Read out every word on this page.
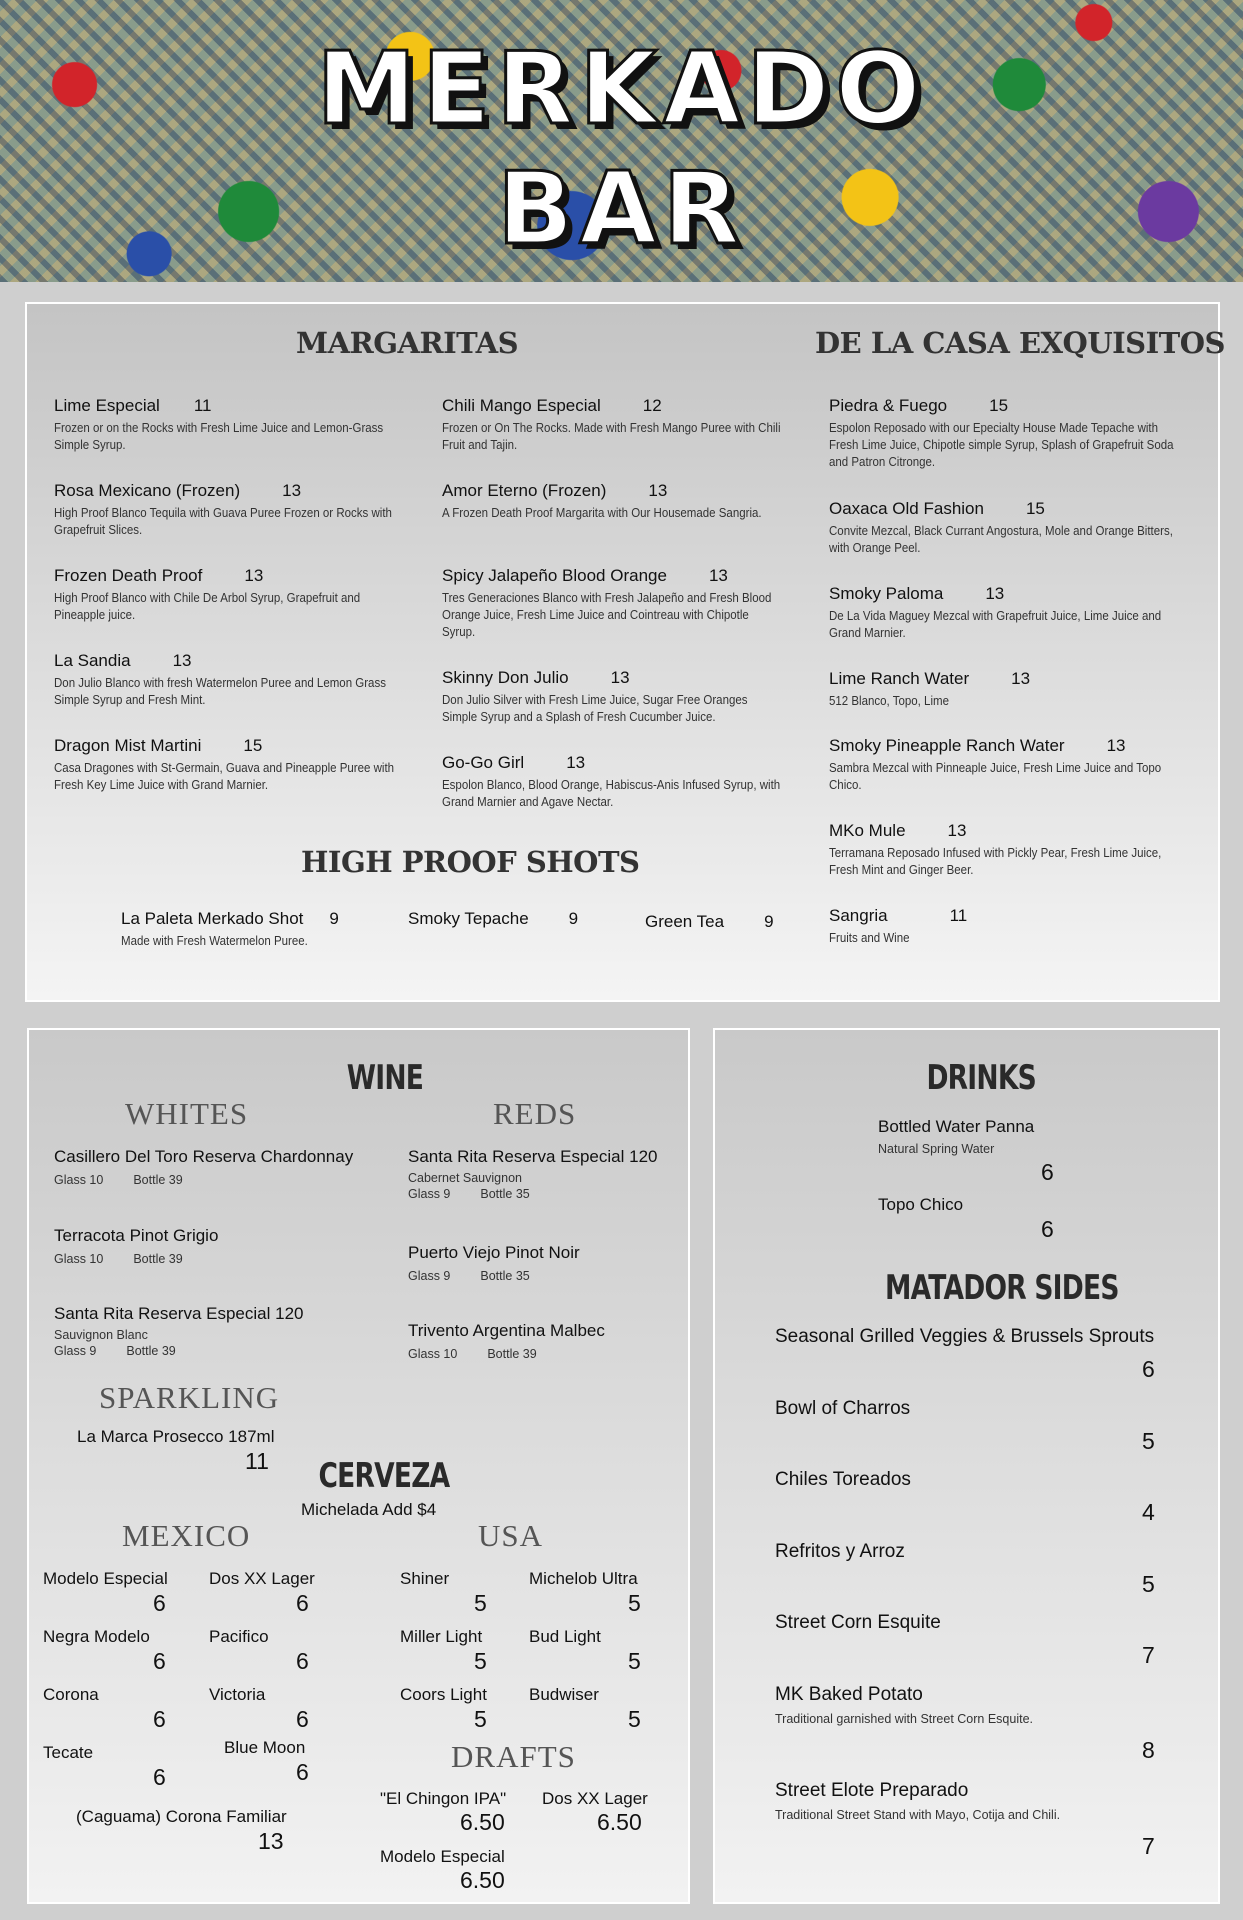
MERKADO
BAR
MARGARITAS	DE LA CASA EXQUISITOS
Lime Especial 11
Frozen or on the Rocks with Fresh Lime Juice and Lemon-Grass Simple Syrup.
Rosa Mexicano (Frozen) 13
High Proof Blanco Tequila with Guava Puree Frozen or Rocks with Grapefruit Slices.
Frozen Death Proof 13
High Proof Blanco with Chile De Arbol Syrup, Grapefruit and Pineapple juice.
La Sandia 13
Don Julio Blanco with fresh Watermelon Puree and Lemon Grass Simple Syrup and Fresh Mint.
Dragon Mist Martini 15
Casa Dragones with St-Germain, Guava and Pineapple Puree with Fresh Key Lime Juice with Grand Marnier.
Chili Mango Especial 12
Frozen or On The Rocks. Made with Fresh Mango Puree with Chili Fruit and Tajin.
Amor Eterno (Frozen) 13
A Frozen Death Proof Margarita with Our Housemade Sangria.
Spicy Jalapeño Blood Orange 13
Tres Generaciones Blanco with Fresh Jalapeño and Fresh Blood Orange Juice, Fresh Lime Juice and Cointreau with Chipotle Syrup.
Skinny Don Julio 13
Don Julio Silver with Fresh Lime Juice, Sugar Free Oranges Simple Syrup and a Splash of Fresh Cucumber Juice.
Go-Go Girl 13
Espolon Blanco, Blood Orange, Habiscus-Anis Infused Syrup, with Grand Marnier and Agave Nectar.
Piedra & Fuego 15
Espolon Reposado with our Epecialty House Made Tepache with Fresh Lime Juice, Chipotle simple Syrup, Splash of Grapefruit Soda and Patron Citronge.
Oaxaca Old Fashion 15
Convite Mezcal, Black Currant Angostura, Mole and Orange Bitters, with Orange Peel.
Smoky Paloma 13
De La Vida Maguey Mezcal with Grapefruit Juice, Lime Juice and Grand Marnier.
Lime Ranch Water 13
512 Blanco, Topo, Lime
Smoky Pineapple Ranch Water 13
Sambra Mezcal with Pinneaple Juice, Fresh Lime Juice and Topo Chico.
MKo Mule 13
Terramana Reposado Infused with Pickly Pear, Fresh Lime Juice, Fresh Mint and Ginger Beer.
Sangria	11
Fruits and Wine
HIGH PROOF SHOTS
La Paleta Merkado Shot 9
Made with Fresh Watermelon Puree.
Smoky Tepache 9	Green Tea 9
WINE
WHITES	REDS
Casillero Del Toro Reserva Chardonnay
Glass 10 Bottle 39
Terracota Pinot Grigio
Glass 10 Bottle 39
Santa Rita Reserva Especial 120
Sauvignon Blanc
Glass 9 Bottle 39
Santa Rita Reserva Especial 120
Cabernet Sauvignon
Glass 9 Bottle 35
Puerto Viejo Pinot Noir
Glass 9 Bottle 35
Trivento Argentina Malbec
Glass 10 Bottle 39
SPARKLING
La Marca Prosecco 187ml
11 CERVEZA
Michelada Add $4
MEXICO	USA
Modelo Especial
6
Dos XX Lager
6
Negra Modelo
6
Pacifico
6
Corona
6
Victoria
6
Tecate
6
Blue Moon
6
(Caguama) Corona Familiar
13
Shiner
5
Michelob Ultra
5
Miller Light
5
Bud Light
5
Coors Light
5
Budwiser
5
DRAFTS
"El Chingon IPA"
6.50
Dos XX Lager
6.50
Modelo Especial
6.50
DRINKS
Bottled Water Panna
Natural Spring Water
6
Topo Chico
6
MATADOR SIDES
Seasonal Grilled Veggies & Brussels Sprouts
6
Bowl of Charros
5
Chiles Toreados
4
Refritos y Arroz
5
Street Corn Esquite
7
MK Baked Potato
Traditional garnished with Street Corn Esquite.
8
Street Elote Preparado
Traditional Street Stand with Mayo, Cotija and Chili.
7
